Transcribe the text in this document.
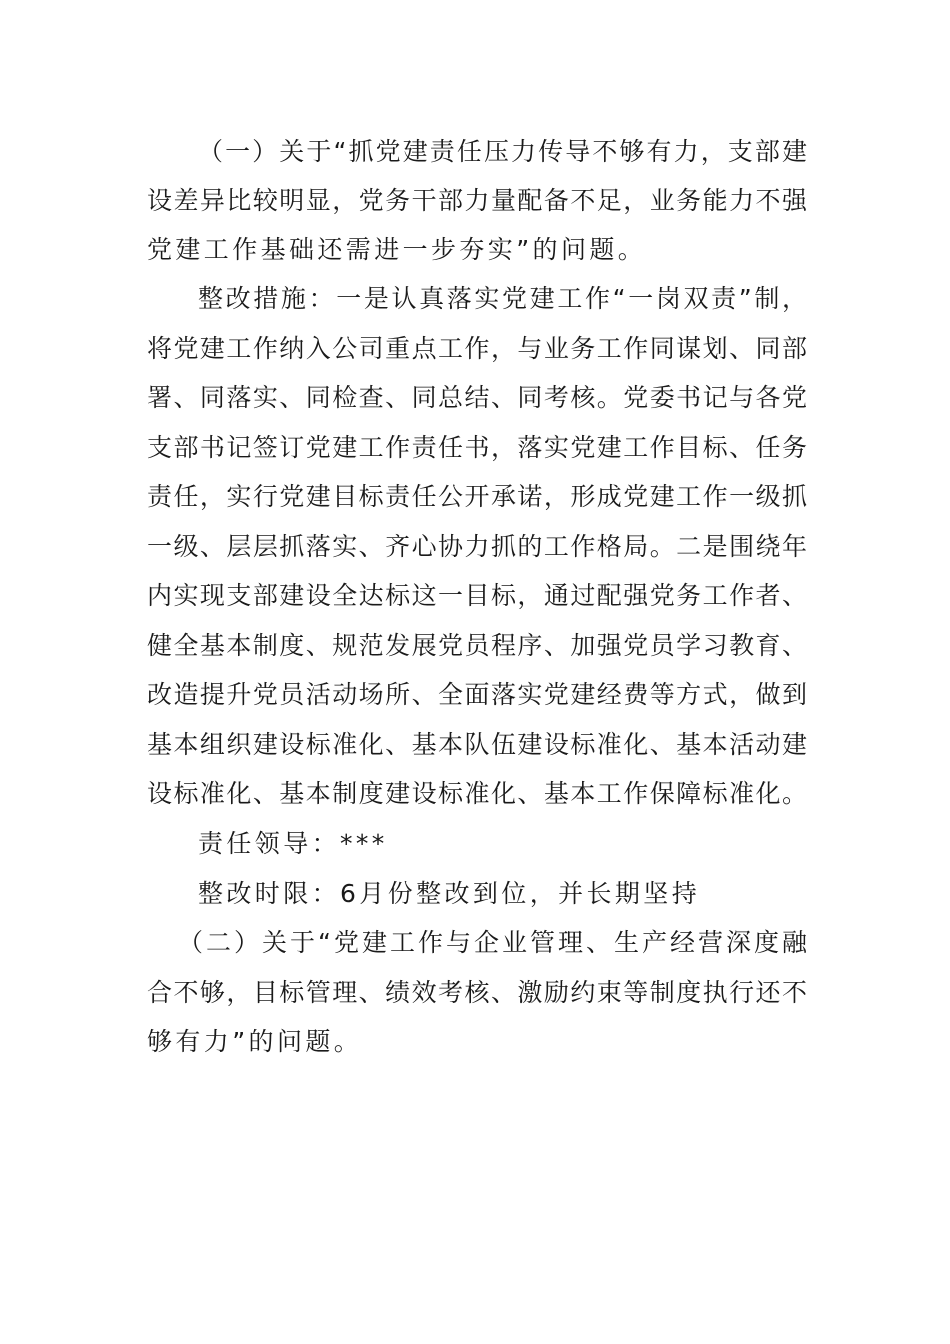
（一）关于“抓党建责任压力传导不够有力，支部建
设差异比较明显，党务干部力量配备不足，业务能力不强
党建工作基础还需进一步夯实”的问题。
整改措施：一是认真落实党建工作“一岗双责”制，
将党建工作纳入公司重点工作，与业务工作同谋划、同部
署、同落实、同检查、同总结、同考核。党委书记与各党
支部书记签订党建工作责任书，落实党建工作目标、任务
责任，实行党建目标责任公开承诺，形成党建工作一级抓
一级、层层抓落实、齐心协力抓的工作格局。二是围绕年
内实现支部建设全达标这一目标，通过配强党务工作者、
健全基本制度、规范发展党员程序、加强党员学习教育、
改造提升党员活动场所、全面落实党建经费等方式，做到
基本组织建设标准化、基本队伍建设标准化、基本活动建
设标准化、基本制度建设标准化、基本工作保障标准化。
责任领导：***
整改时限：6月份整改到位，并长期坚持
（二）关于“党建工作与企业管理、生产经营深度融
合不够，目标管理、绩效考核、激励约束等制度执行还不
够有力”的问题。
